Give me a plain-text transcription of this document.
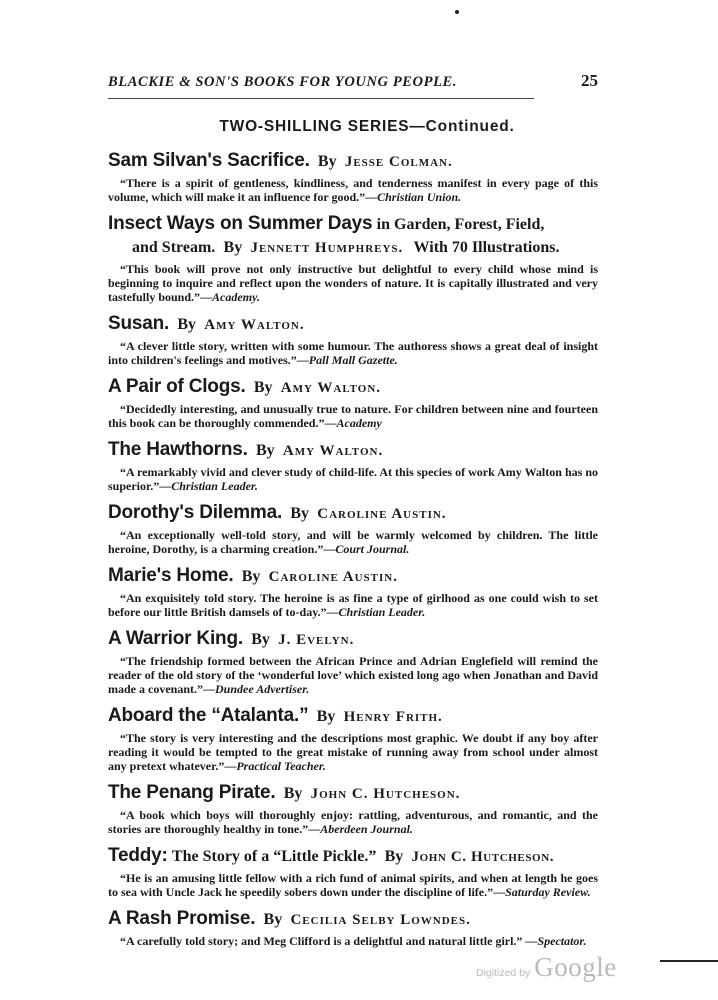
BLACKIE & SON'S BOOKS FOR YOUNG PEOPLE.	25
TWO-SHILLING SERIES—Continued.
Sam Silvan's Sacrifice. By Jesse Colman.
“There is a spirit of gentleness, kindliness, and tenderness manifest in every page of this volume, which will make it an influence for good.”—Christian Union.
Insect Ways on Summer Days in Garden, Forest, Field,
and Stream. By Jennett Humphreys. With 70 Illustrations.
“This book will prove not only instructive but delightful to every child whose mind is beginning to inquire and reflect upon the wonders of nature. It is capitally illustrated and very tastefully bound.”—Academy.
Susan. By Amy Walton.
“A clever little story, written with some humour. The authoress shows a great deal of insight into children's feelings and motives.”—Pall Mall Gazette.
A Pair of Clogs. By Amy Walton.
“Decidedly interesting, and unusually true to nature. For children between nine and fourteen this book can be thoroughly commended.”—Academy
The Hawthorns. By Amy Walton.
“A remarkably vivid and clever study of child-life. At this species of work Amy Walton has no superior.”—Christian Leader.
Dorothy's Dilemma. By Caroline Austin.
“An exceptionally well-told story, and will be warmly welcomed by children. The little heroine, Dorothy, is a charming creation.”—Court Journal.
Marie's Home. By Caroline Austin.
“An exquisitely told story. The heroine is as fine a type of girlhood as one could wish to set before our little British damsels of to-day.”—Christian Leader.
A Warrior King. By J. Evelyn.
“The friendship formed between the African Prince and Adrian Englefield will remind the reader of the old story of the ‘wonderful love’ which existed long ago when Jonathan and David made a covenant.”—Dundee Advertiser.
Aboard the “Atalanta.” By Henry Frith.
“The story is very interesting and the descriptions most graphic. We doubt if any boy after reading it would be tempted to the great mistake of running away from school under almost any pretext whatever.”—Practical Teacher.
The Penang Pirate. By John C. Hutcheson.
“A book which boys will thoroughly enjoy: rattling, adventurous, and romantic, and the stories are thoroughly healthy in tone.”—Aberdeen Journal.
Teddy: The Story of a “Little Pickle.” By John C. Hutcheson.
“He is an amusing little fellow with a rich fund of animal spirits, and when at length he goes to sea with Uncle Jack he speedily sobers down under the discipline of life.”—Saturday Review.
A Rash Promise. By Cecilia Selby Lowndes.
“A carefully told story; and Meg Clifford is a delightful and natural little girl.” —Spectator.
Digitized by Google
